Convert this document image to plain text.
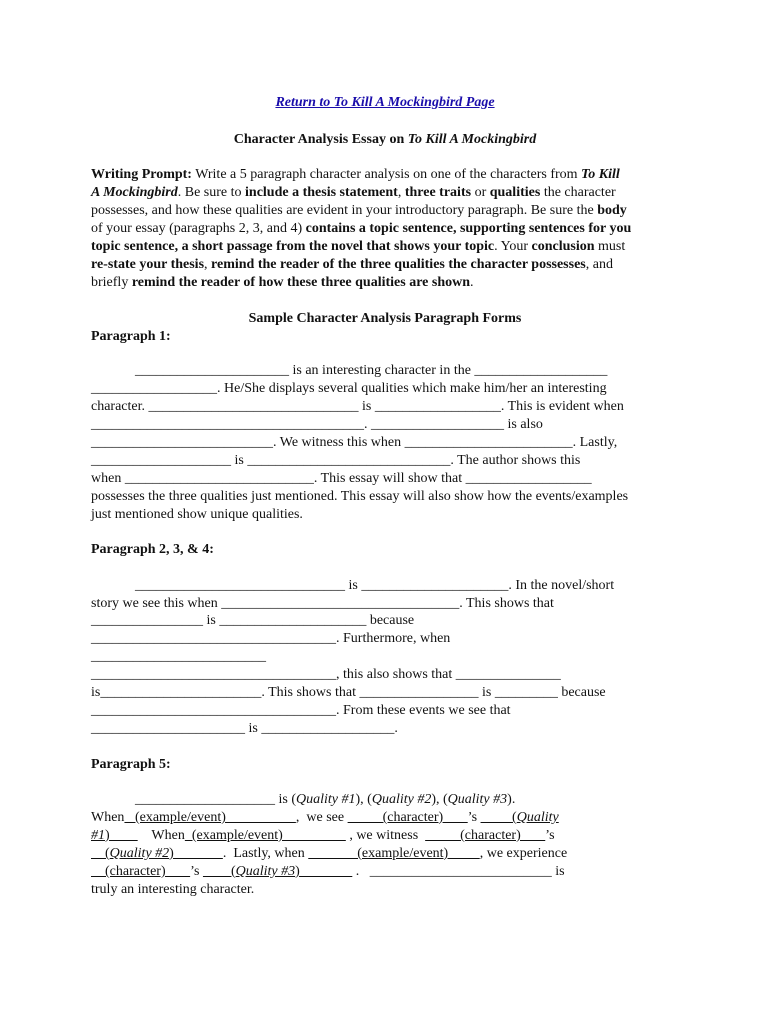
Return to To Kill A Mockingbird Page
Character Analysis Essay on To Kill A Mockingbird
Writing Prompt: Write a 5 paragraph character analysis on one of the characters from To Kill
A Mockingbird. Be sure to include a thesis statement, three traits or qualities the character
possesses, and how these qualities are evident in your introductory paragraph. Be sure the body
of your essay (paragraphs 2, 3, and 4) contains a topic sentence, supporting sentences for you
topic sentence, a short passage from the novel that shows your topic. Your conclusion must
re-state your thesis, remind the reader of the three qualities the character possesses, and
briefly remind the reader of how these three qualities are shown.
Sample Character Analysis Paragraph Forms
Paragraph 1:
______________________ is an interesting character in the ___________________
__________________. He/She displays several qualities which make him/her an interesting
character. ______________________________ is __________________. This is evident when
_______________________________________. ___________________ is also
__________________________. We witness this when ________________________. Lastly,
____________________ is _____________________________. The author shows this
when ___________________________. This essay will show that __________________
possesses the three qualities just mentioned. This essay will also show how the events/examples
just mentioned show unique qualities.
Paragraph 2, 3, & 4:
______________________________ is _____________________. In the novel/short
story we see this when __________________________________. This shows that
________________ is _____________________ because
___________________________________. Furthermore, when
_________________________
___________________________________, this also shows that _______________
is_______________________. This shows that _________________ is _________ because
___________________________________. From these events we see that
______________________ is ___________________.
Paragraph 5:
____________________ is (Quality #1), (Quality #2), (Quality #3).
When   (example/event)                    ,  we see           (character)       ’s          (Quality
#1)            When  (example/event)                   , we witness            (character)       ’s
(Quality #2)              .  Lastly, when               (example/event)         , we experience
(character)       ’s         (Quality #3)                .   __________________________ is
truly an interesting character.
